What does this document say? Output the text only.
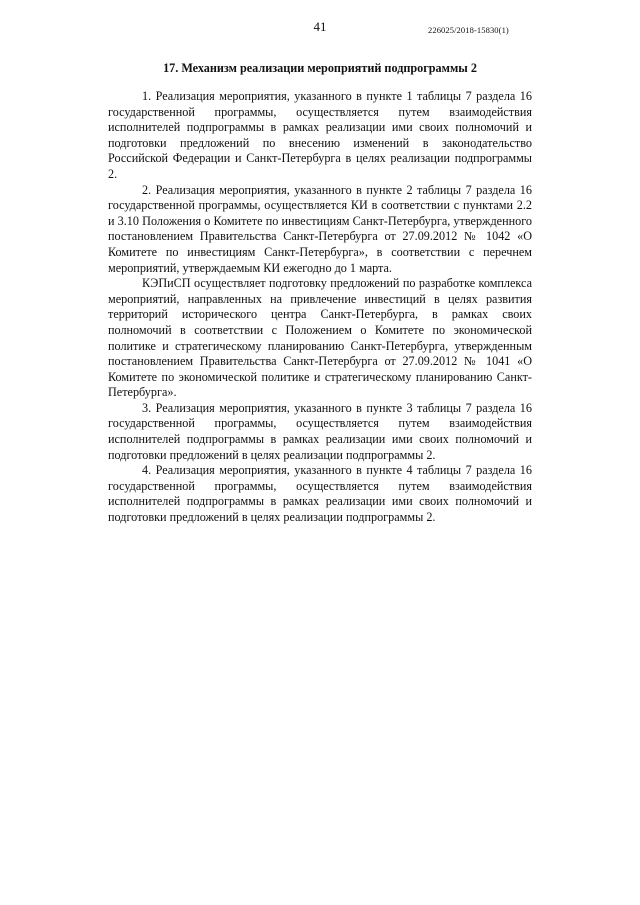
41	226025/2018-15830(1)
17. Механизм реализации мероприятий подпрограммы 2

1. Реализация мероприятия, указанного в пункте 1 таблицы 7 раздела 16 государственной программы, осуществляется путем взаимодействия исполнителей подпрограммы в рамках реализации ими своих полномочий и подготовки предложений по внесению изменений в законодательство Российской Федерации и Санкт-Петербурга в целях реализации подпрограммы 2.

2. Реализация мероприятия, указанного в пункте 2 таблицы 7 раздела 16 государственной программы, осуществляется КИ в соответствии с пунктами 2.2 и 3.10 Положения о Комитете по инвестициям Санкт-Петербурга, утвержденного постановлением Правительства Санкт-Петербурга от 27.09.2012 № 1042 «О Комитете по инвестициям Санкт-Петербурга», в соответствии с перечнем мероприятий, утверждаемым КИ ежегодно до 1 марта.

КЭПиСП осуществляет подготовку предложений по разработке комплекса мероприятий, направленных на привлечение инвестиций в целях развития территорий исторического центра Санкт-Петербурга, в рамках своих полномочий в соответствии с Положением о Комитете по экономической политике и стратегическому планированию Санкт-Петербурга, утвержденным постановлением Правительства Санкт-Петербурга от 27.09.2012 № 1041 «О Комитете по экономической политике и стратегическому планированию Санкт-Петербурга».

3. Реализация мероприятия, указанного в пункте 3 таблицы 7 раздела 16 государственной программы, осуществляется путем взаимодействия исполнителей подпрограммы в рамках реализации ими своих полномочий и подготовки предложений в целях реализации подпрограммы 2.

4. Реализация мероприятия, указанного в пункте 4 таблицы 7 раздела 16 государственной программы, осуществляется путем взаимодействия исполнителей подпрограммы в рамках реализации ими своих полномочий и подготовки предложений в целях реализации подпрограммы 2.
